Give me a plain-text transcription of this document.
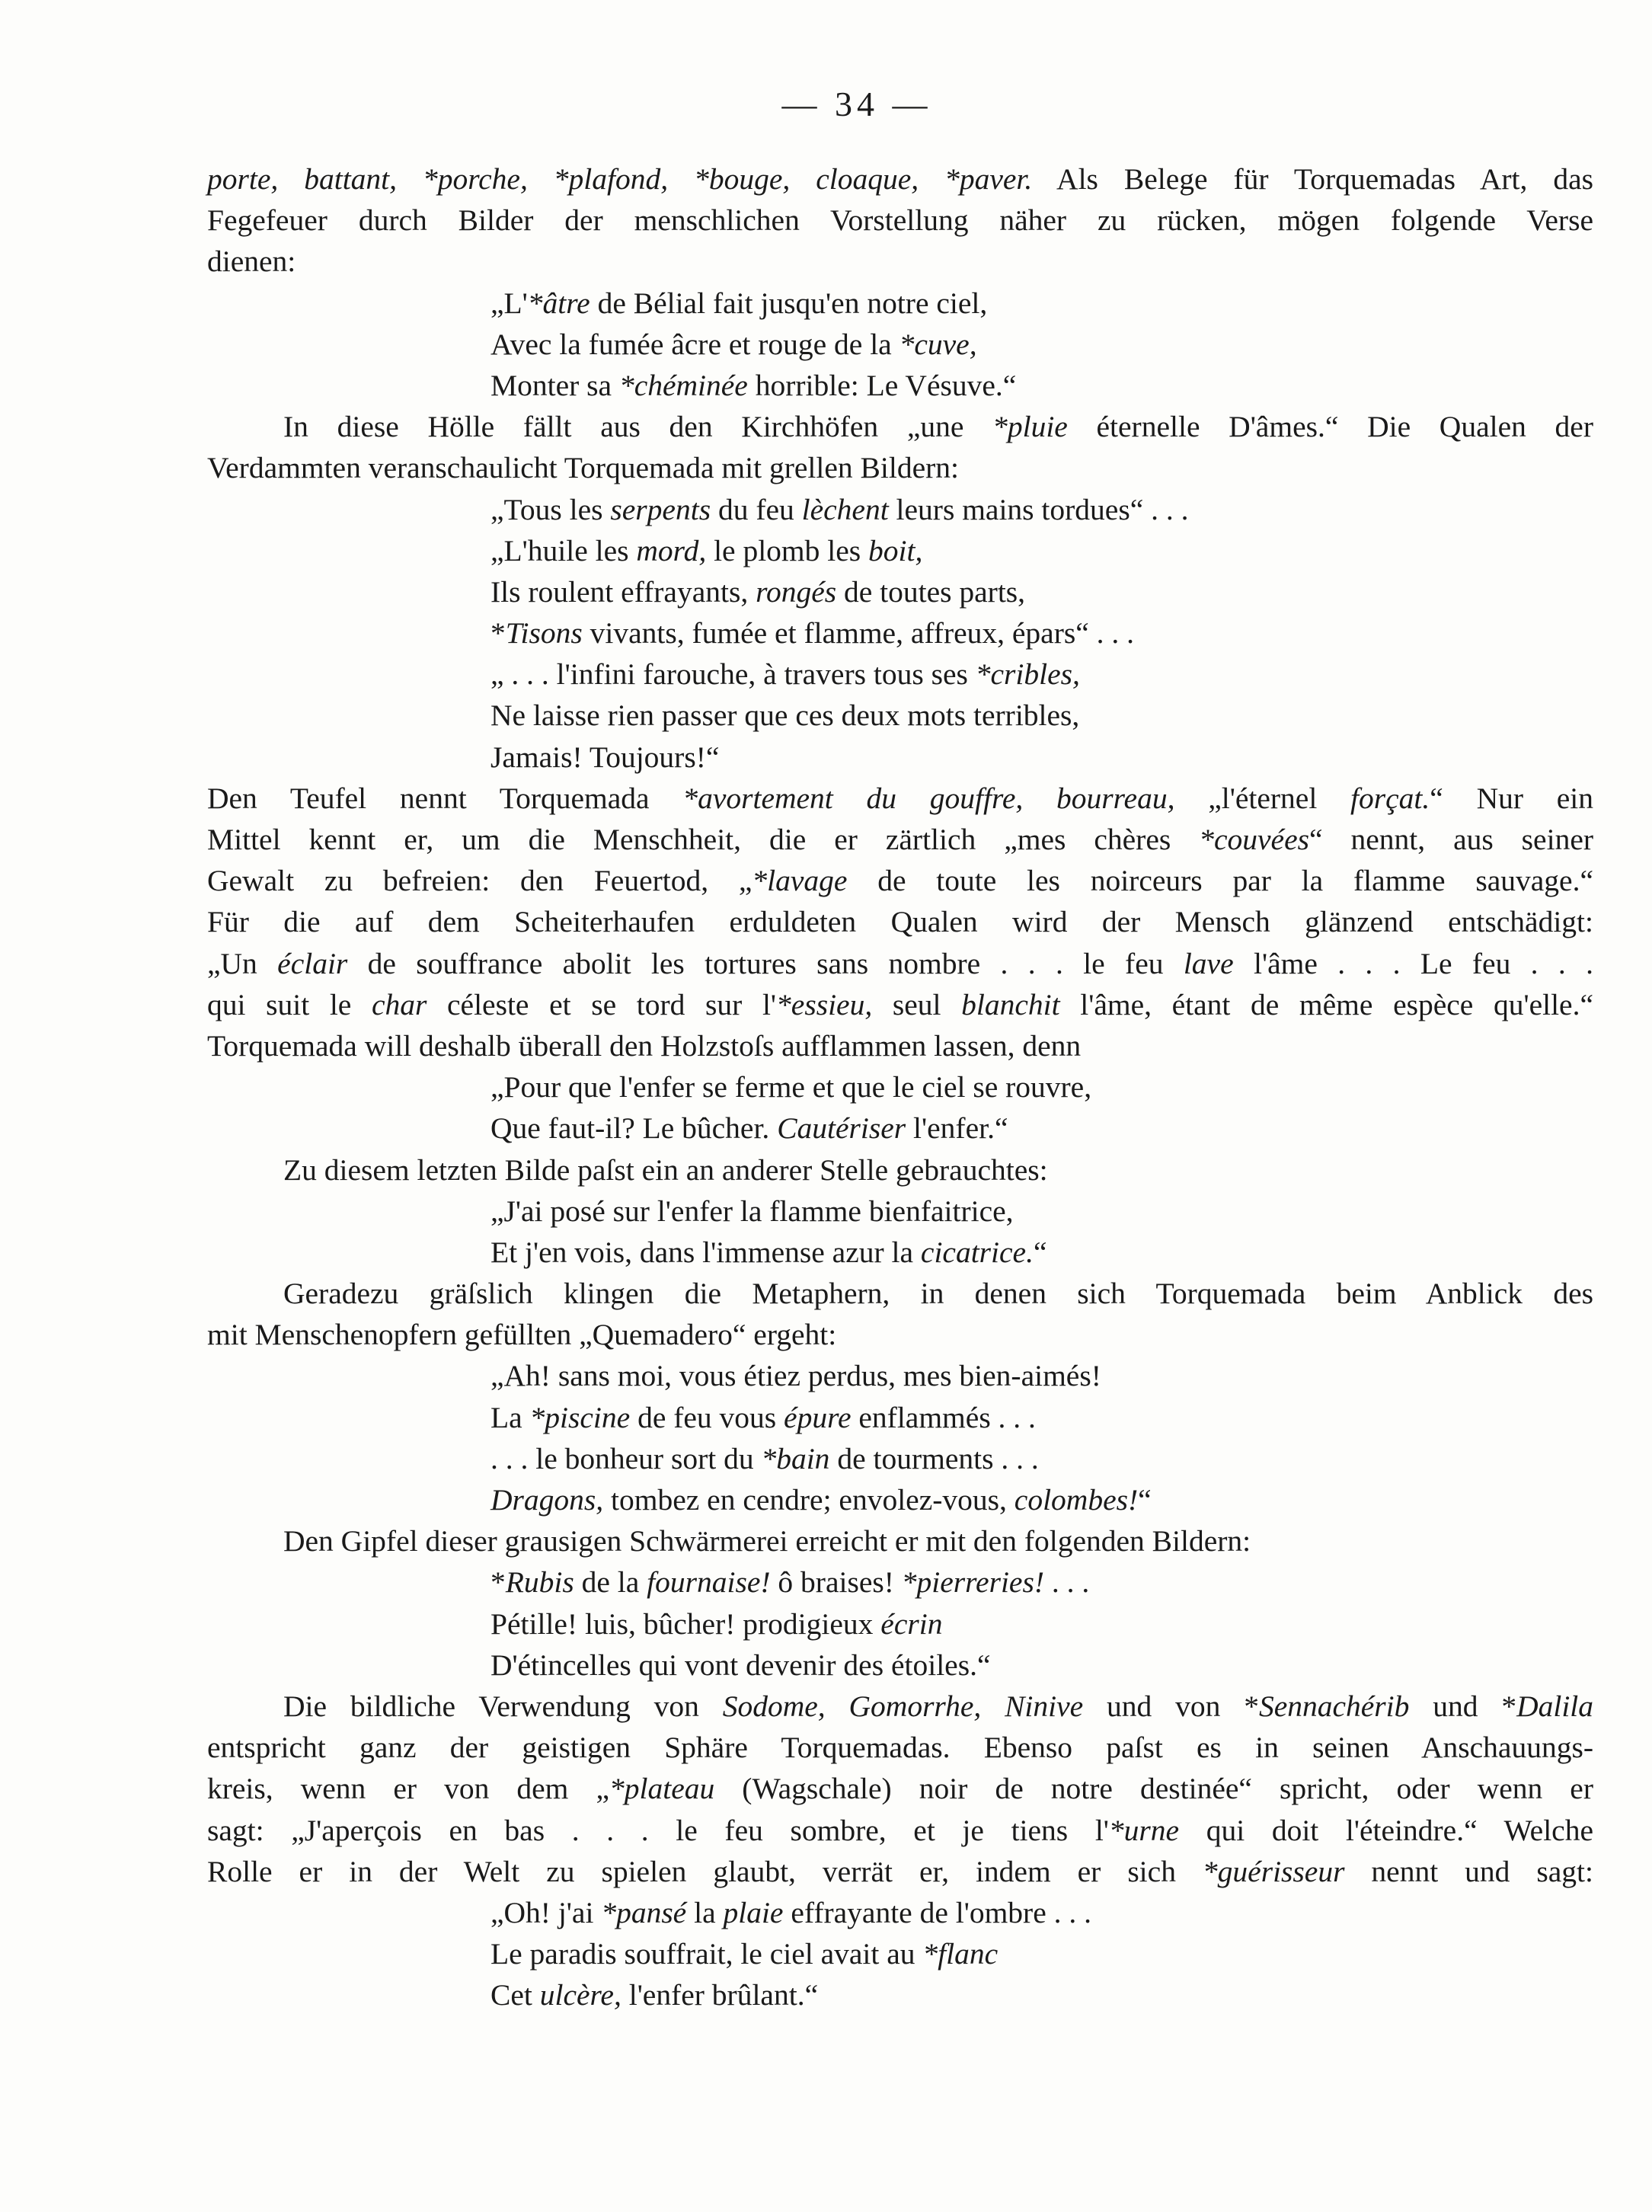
— 34 —
porte, battant, *porche, *plafond, *bouge, cloaque, *paver. Als Belege für Torquemadas Art, das
Fegefeuer durch Bilder der menschlichen Vorstellung näher zu rücken, mögen folgende Verse
dienen:
„L'*âtre de Bélial fait jusqu'en notre ciel,
Avec la fumée âcre et rouge de la *cuve,
Monter sa *chéminée horrible: Le Vésuve.“
In diese Hölle fällt aus den Kirchhöfen „une *pluie éternelle D'âmes.“ Die Qualen der
Verdammten veranschaulicht Torquemada mit grellen Bildern:
„Tous les serpents du feu lèchent leurs mains tordues“ . . .
„L'huile les mord, le plomb les boit,
Ils roulent effrayants, rongés de toutes parts,
*Tisons vivants, fumée et flamme, affreux, épars“ . . .
„ . . . l'infini farouche, à travers tous ses *cribles,
Ne laisse rien passer que ces deux mots terribles,
Jamais! Toujours!“
Den Teufel nennt Torquemada *avortement du gouffre, bourreau, „l'éternel forçat.“ Nur ein
Mittel kennt er, um die Menschheit, die er zärtlich „mes chères *couvées“ nennt, aus seiner
Gewalt zu befreien: den Feuertod, „*lavage de toute les noirceurs par la flamme sauvage.“
Für die auf dem Scheiterhaufen erduldeten Qualen wird der Mensch glänzend entschädigt:
„Un éclair de souffrance abolit les tortures sans nombre . . . le feu lave l'âme . . . Le feu . . .
qui suit le char céleste et se tord sur l'*essieu, seul blanchit l'âme, étant de même espèce qu'elle.“
Torquemada will deshalb überall den Holzstoſs aufflammen lassen, denn
„Pour que l'enfer se ferme et que le ciel se rouvre,
Que faut-il? Le bûcher. Cautériser l'enfer.“
Zu diesem letzten Bilde paſst ein an anderer Stelle gebrauchtes:
„J'ai posé sur l'enfer la flamme bienfaitrice,
Et j'en vois, dans l'immense azur la cicatrice.“
Geradezu gräſslich klingen die Metaphern, in denen sich Torquemada beim Anblick des
mit Menschenopfern gefüllten „Quemadero“ ergeht:
„Ah! sans moi, vous étiez perdus, mes bien-aimés!
La *piscine de feu vous épure enflammés . . .
. . . le bonheur sort du *bain de tourments . . .
Dragons, tombez en cendre; envolez-vous, colombes!“
Den Gipfel dieser grausigen Schwärmerei erreicht er mit den folgenden Bildern:
*Rubis de la fournaise! ô braises! *pierreries! . . .
Pétille! luis, bûcher! prodigieux écrin
D'étincelles qui vont devenir des étoiles.“
Die bildliche Verwendung von Sodome, Gomorrhe, Ninive und von *Sennachérib und *Dalila
entspricht ganz der geistigen Sphäre Torquemadas. Ebenso paſst es in seinen Anschauungs-
kreis, wenn er von dem „*plateau (Wagschale) noir de notre destinée“ spricht, oder wenn er
sagt: „J'aperçois en bas . . . le feu sombre, et je tiens l'*urne qui doit l'éteindre.“ Welche
Rolle er in der Welt zu spielen glaubt, verrät er, indem er sich *guérisseur nennt und sagt:
„Oh! j'ai *pansé la plaie effrayante de l'ombre . . .
Le paradis souffrait, le ciel avait au *flanc
Cet ulcère, l'enfer brûlant.“
